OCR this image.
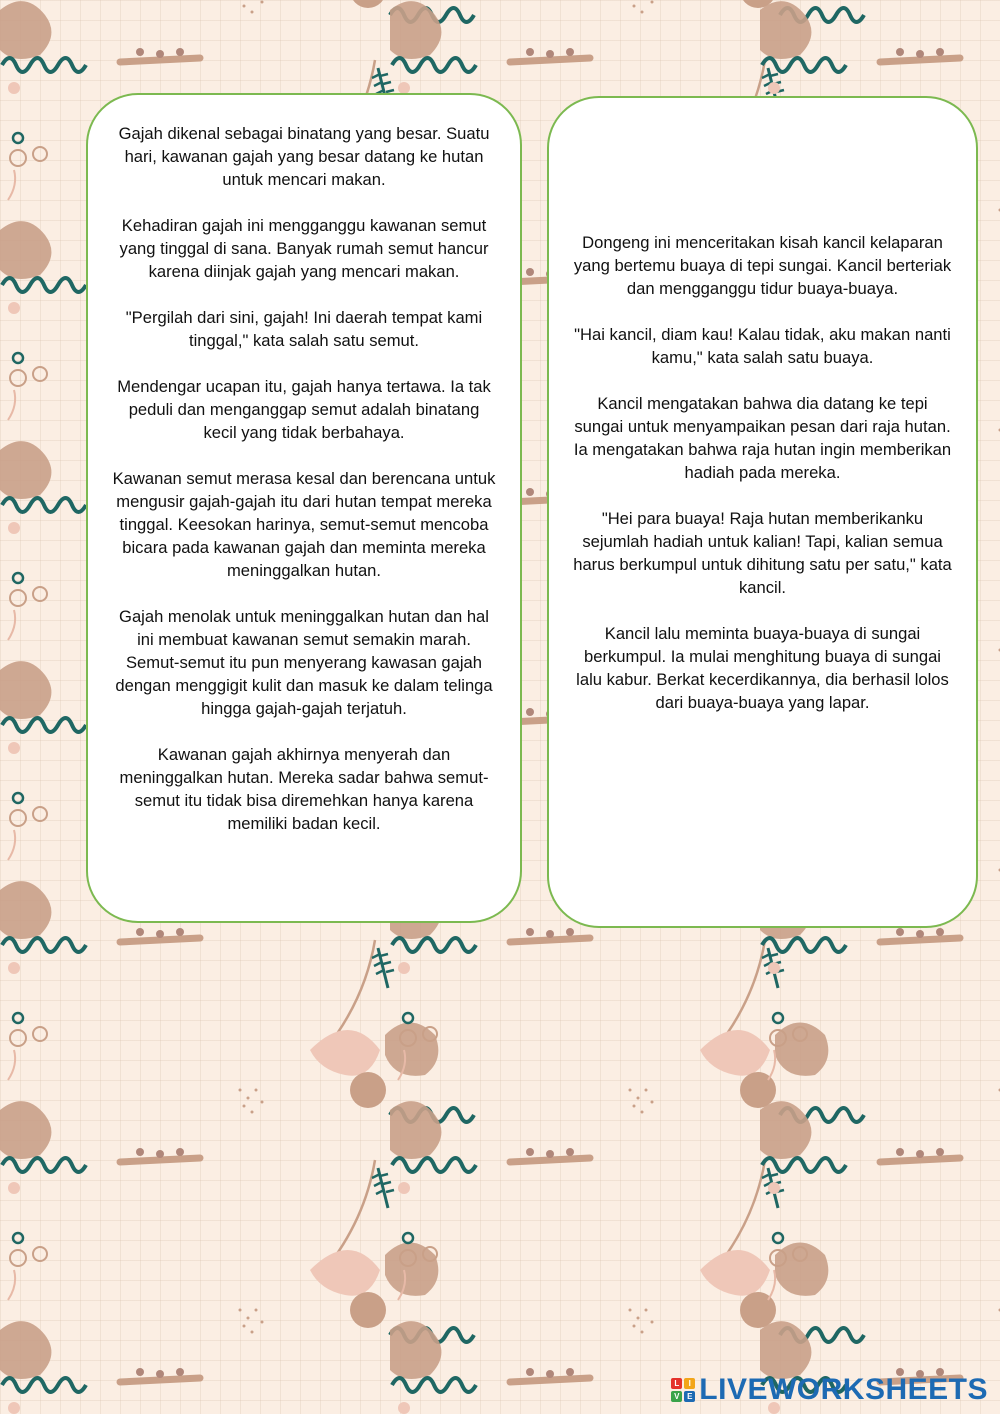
Gajah dikenal sebagai binatang yang besar. Suatu hari, kawanan gajah yang besar datang ke hutan untuk mencari makan.

Kehadiran gajah ini mengganggu kawanan semut yang tinggal di sana. Banyak rumah semut hancur karena diinjak gajah yang mencari makan.

"Pergilah dari sini, gajah! Ini daerah tempat kami tinggal," kata salah satu semut.

Mendengar ucapan itu, gajah hanya tertawa. Ia tak peduli dan menganggap semut adalah binatang kecil yang tidak berbahaya.

Kawanan semut merasa kesal dan berencana untuk mengusir gajah-gajah itu dari hutan tempat mereka tinggal. Keesokan harinya, semut-semut mencoba bicara pada kawanan gajah dan meminta mereka meninggalkan hutan.

Gajah menolak untuk meninggalkan hutan dan hal ini membuat kawanan semut semakin marah. Semut-semut itu pun menyerang kawasan gajah dengan menggigit kulit dan masuk ke dalam telinga hingga gajah-gajah terjatuh.

Kawanan gajah akhirnya menyerah dan meninggalkan hutan. Mereka sadar bahwa semut-semut itu tidak bisa diremehkan hanya karena memiliki badan kecil.

Dongeng ini menceritakan kisah kancil kelaparan yang bertemu buaya di tepi sungai. Kancil berteriak dan mengganggu tidur buaya-buaya.

"Hai kancil, diam kau! Kalau tidak, aku makan nanti kamu," kata salah satu buaya.

Kancil mengatakan bahwa dia datang ke tepi sungai untuk menyampaikan pesan dari raja hutan. Ia mengatakan bahwa raja hutan ingin memberikan hadiah pada mereka.

"Hei para buaya! Raja hutan memberikanku sejumlah hadiah untuk kalian! Tapi, kalian semua harus berkumpul untuk dihitung satu per satu," kata kancil.

Kancil lalu meminta buaya-buaya di sungai berkumpul. Ia mulai menghitung buaya di sungai lalu kabur. Berkat kecerdikannya, dia berhasil lolos dari buaya-buaya yang lapar.

L	I
V E LIVEWORKSHEETS
